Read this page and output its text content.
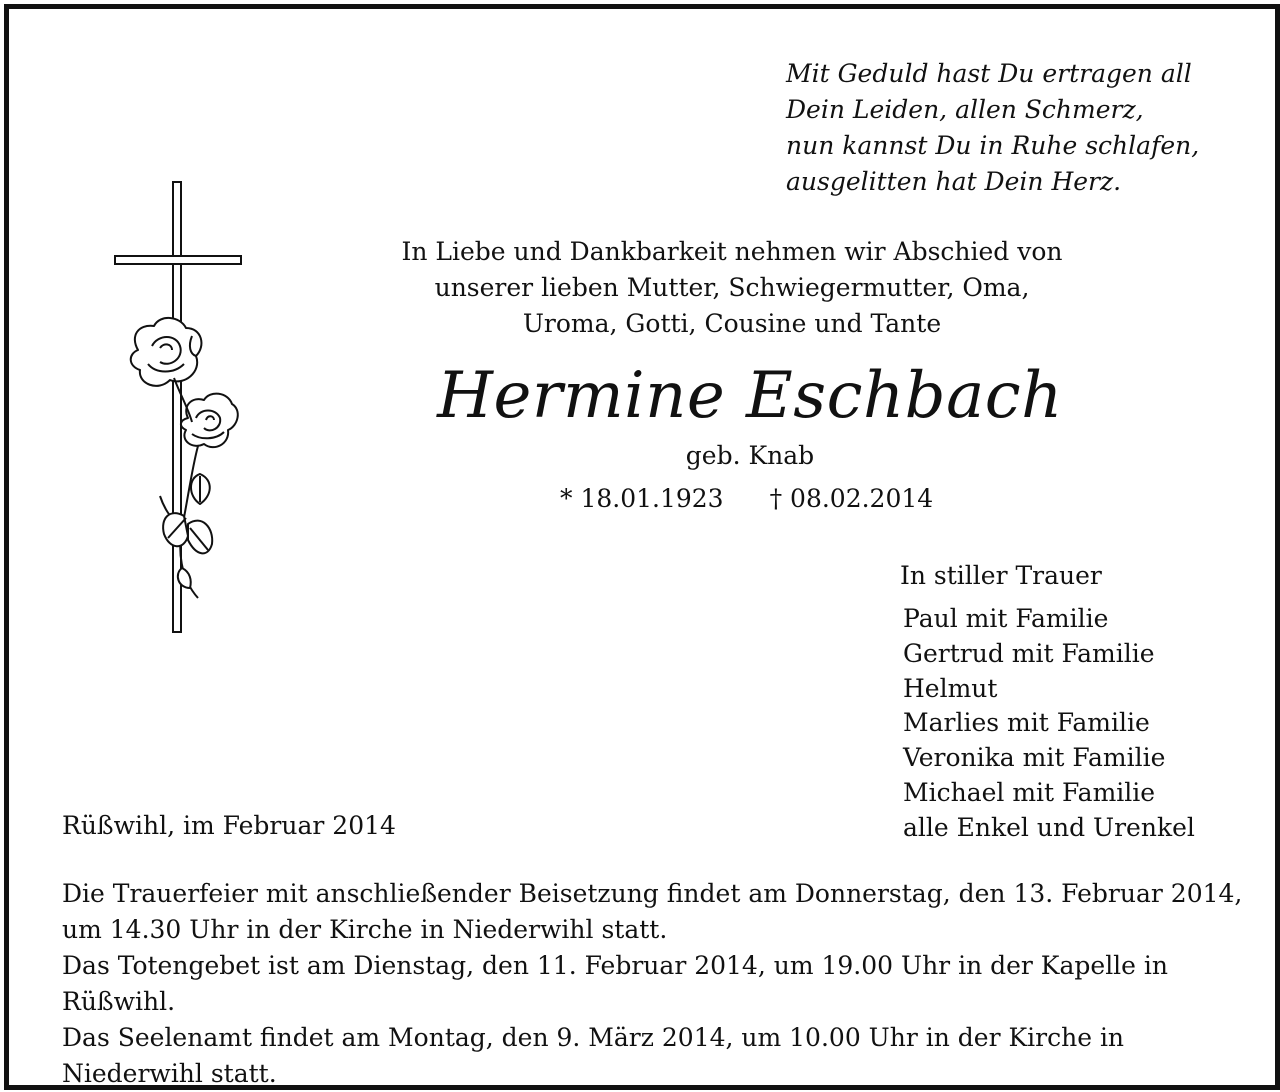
Mit Geduld hast Du ertragen all
Dein Leiden, allen Schmerz,
nun kannst Du in Ruhe schlafen,
ausgelitten hat Dein Herz.
In Liebe und Dankbarkeit nehmen wir Abschied von
unserer lieben Mutter, Schwiegermutter, Oma,
Uroma, Gotti, Cousine und Tante
Hermine Eschbach
geb. Knab
* 18.01.1923 † 08.02.2014
In stiller Trauer
Paul mit Familie
Gertrud mit Familie
Helmut
Marlies mit Familie
Veronika mit Familie
Michael mit Familie
alle Enkel und Urenkel
Rüßwihl, im Februar 2014
Die Trauerfeier mit anschließender Beisetzung findet am Donnerstag, den 13. Februar 2014,
um 14.30 Uhr in der Kirche in Niederwihl statt.
Das Totengebet ist am Dienstag, den 11. Februar 2014, um 19.00 Uhr in der Kapelle in Rüßwihl.
Das Seelenamt findet am Montag, den 9. März 2014, um 10.00 Uhr in der Kirche in
Niederwihl statt.
